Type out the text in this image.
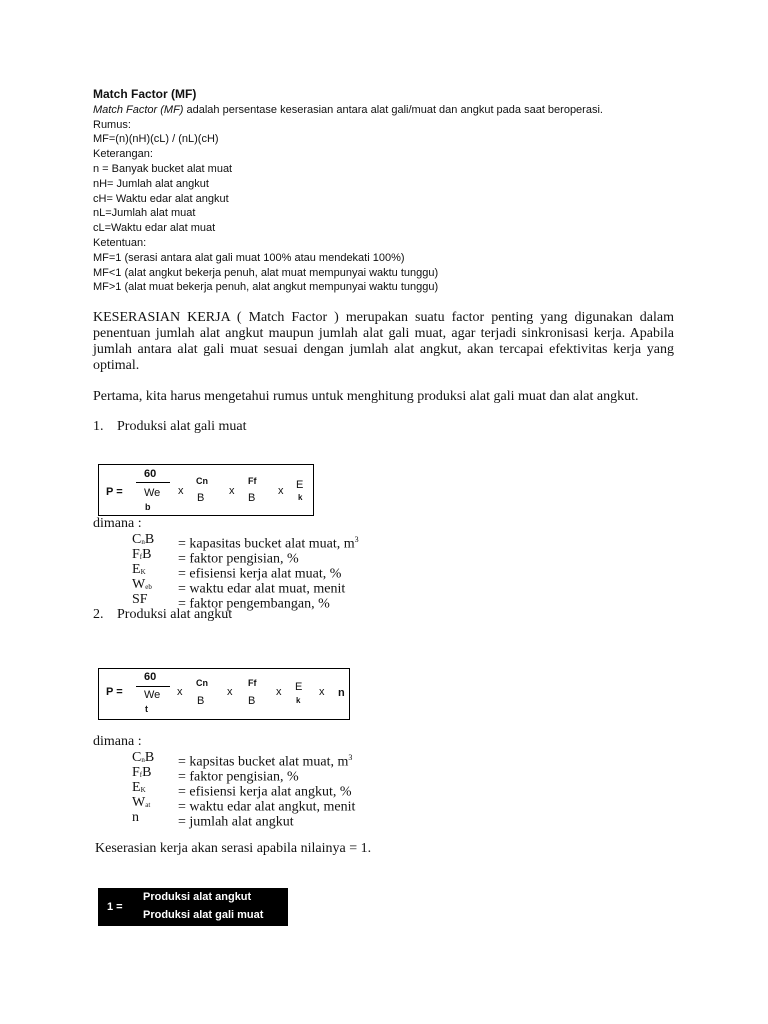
Match Factor (MF)
Match Factor (MF) adalah persentase keserasian antara alat gali/muat dan angkut pada saat beroperasi.
Rumus:
MF=(n)(nH)(cL) / (nL)(cH)
Keterangan:
n = Banyak bucket alat muat
nH= Jumlah alat angkut
cH= Waktu edar alat angkut
nL=Jumlah alat muat
cL=Waktu edar alat muat
Ketentuan:
MF=1 (serasi antara alat gali muat 100% atau mendekati 100%)
MF<1 (alat angkut bekerja penuh, alat muat mempunyai waktu tunggu)
MF>1 (alat muat bekerja penuh, alat angkut mempunyai waktu tunggu)
KESERASIAN KERJA ( Match Factor ) merupakan suatu factor penting yang digunakan dalam penentuan jumlah alat angkut maupun jumlah alat gali muat, agar terjadi sinkronisasi kerja. Apabila jumlah antara alat gali muat sesuai dengan jumlah alat angkut, akan tercapai efektivitas kerja yang optimal.
Pertama, kita harus mengetahui rumus untuk menghitung produksi alat gali muat dan alat angkut.
1. Produksi alat gali muat
P =
60
We
b
x
Cn
B
x
Ff
B
x E
k
dimana :
$C_nB$ = kapasitas bucket alat muat, $m^3$
$F_fB$ = faktor pengisian, %
$E_K$ = efisiensi kerja alat muat, %
$W_{eb}$ = waktu edar alat muat, menit
SF = faktor pengembangan, %
2. Produksi alat angkut
P =
60
We
t
x
Cn
B
x
Ff
B
x E
k
x n
dimana :
$C_nB$ = kapsitas bucket alat muat, $m^3$
$F_fB$ = faktor pengisian, %
$E_K$ = efisiensi kerja alat angkut, %
$W_{at}$ = waktu edar alat angkut, menit
n	= jumlah alat angkut
Keserasian kerja akan serasi apabila nilainya = 1.
1 =
Produksi alat angkut
Produksi alat gali muat
